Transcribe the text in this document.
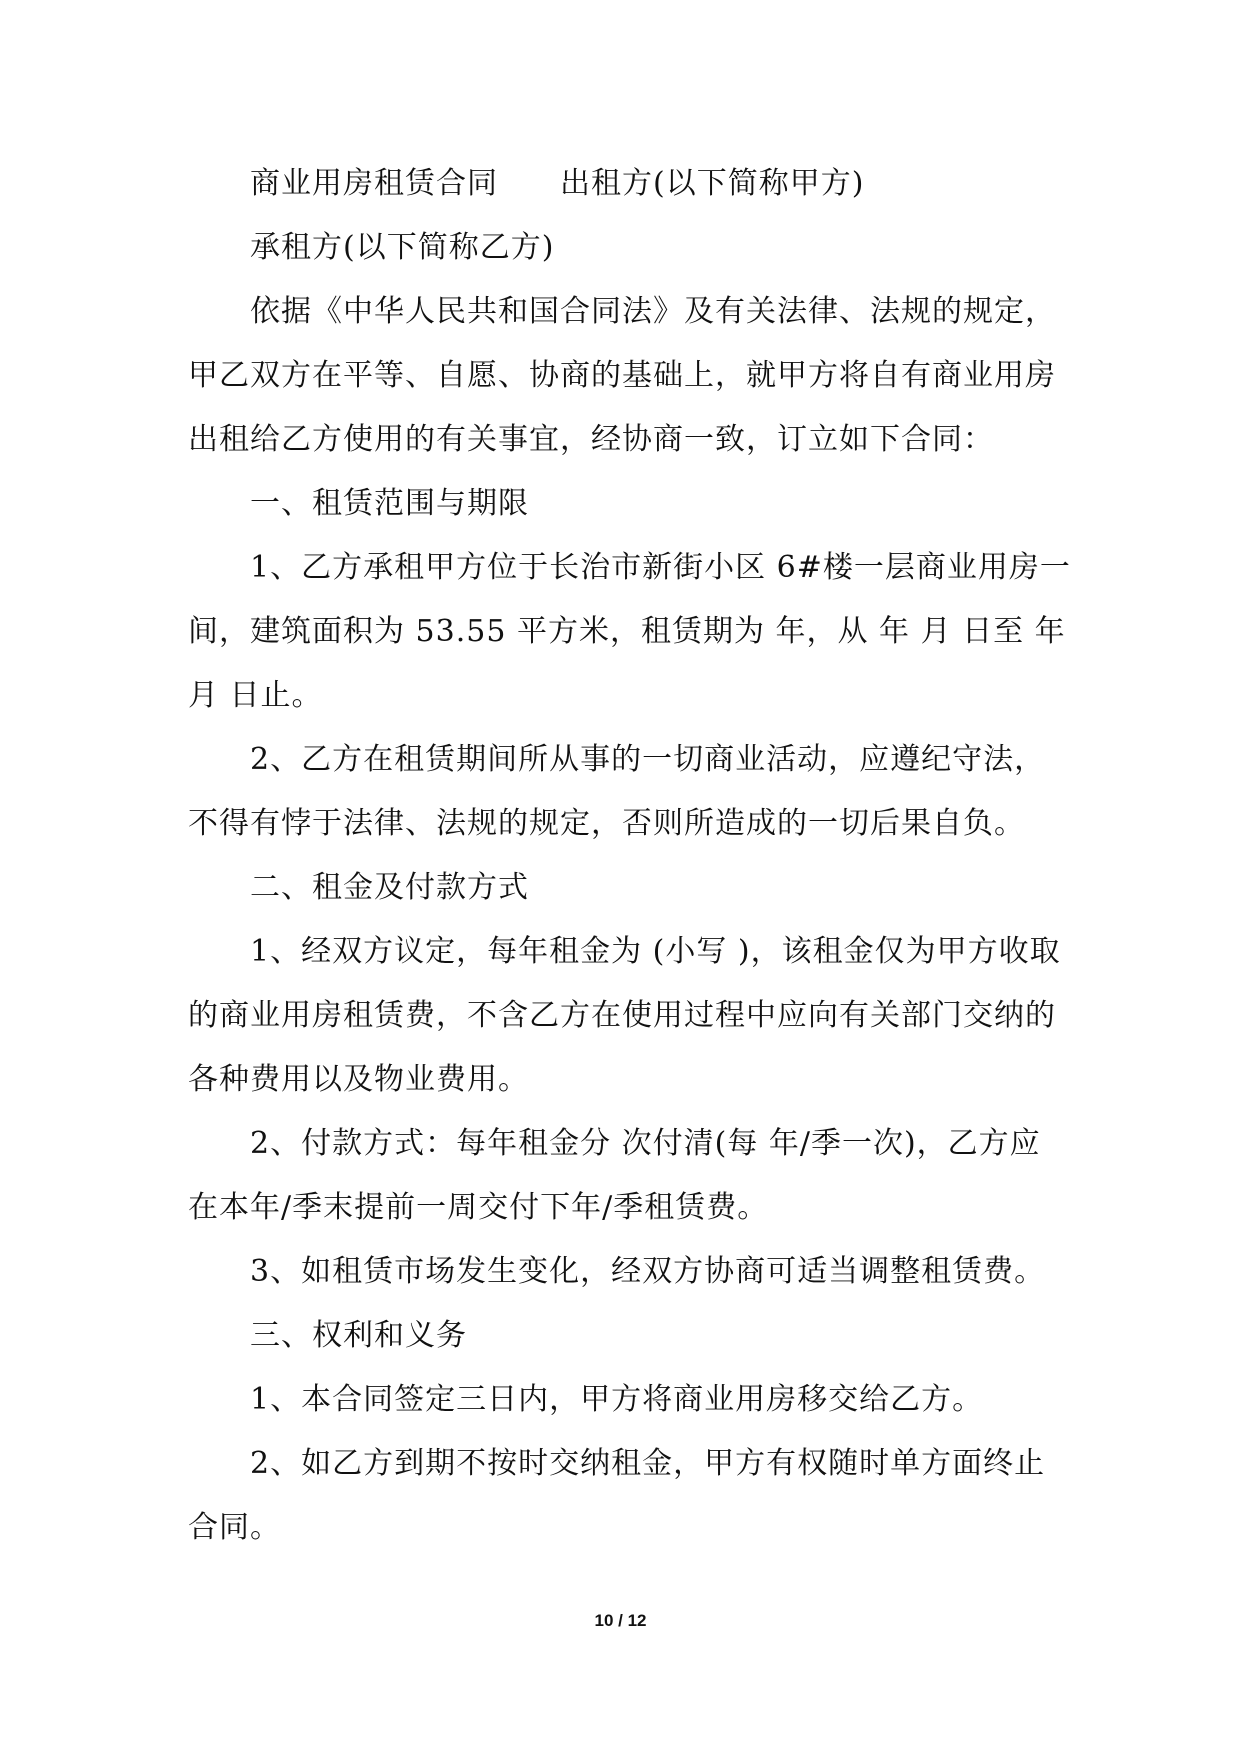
商业用房租赁合同 出租方(以下简称甲方)
承租方(以下简称乙方)
依据《中华人民共和国合同法》及有关法律、法规的规定，
甲乙双方在平等、自愿、协商的基础上，就甲方将自有商业用房
出租给乙方使用的有关事宜，经协商一致，订立如下合同：
一、租赁范围与期限
1、乙方承租甲方位于长治市新街小区 6#楼一层商业用房一
间，建筑面积为 53.55 平方米，租赁期为 年，从 年 月 日至 年
月 日止。
2、乙方在租赁期间所从事的一切商业活动，应遵纪守法，
不得有悖于法律、法规的规定，否则所造成的一切后果自负。
二、租金及付款方式
1、经双方议定，每年租金为 (小写 )，该租金仅为甲方收取
的商业用房租赁费，不含乙方在使用过程中应向有关部门交纳的
各种费用以及物业费用。
2、付款方式：每年租金分 次付清(每 年/季一次)，乙方应
在本年/季末提前一周交付下年/季租赁费。
3、如租赁市场发生变化，经双方协商可适当调整租赁费。
三、权利和义务
1、本合同签定三日内，甲方将商业用房移交给乙方。
2、如乙方到期不按时交纳租金，甲方有权随时单方面终止
合同。
10 / 12
